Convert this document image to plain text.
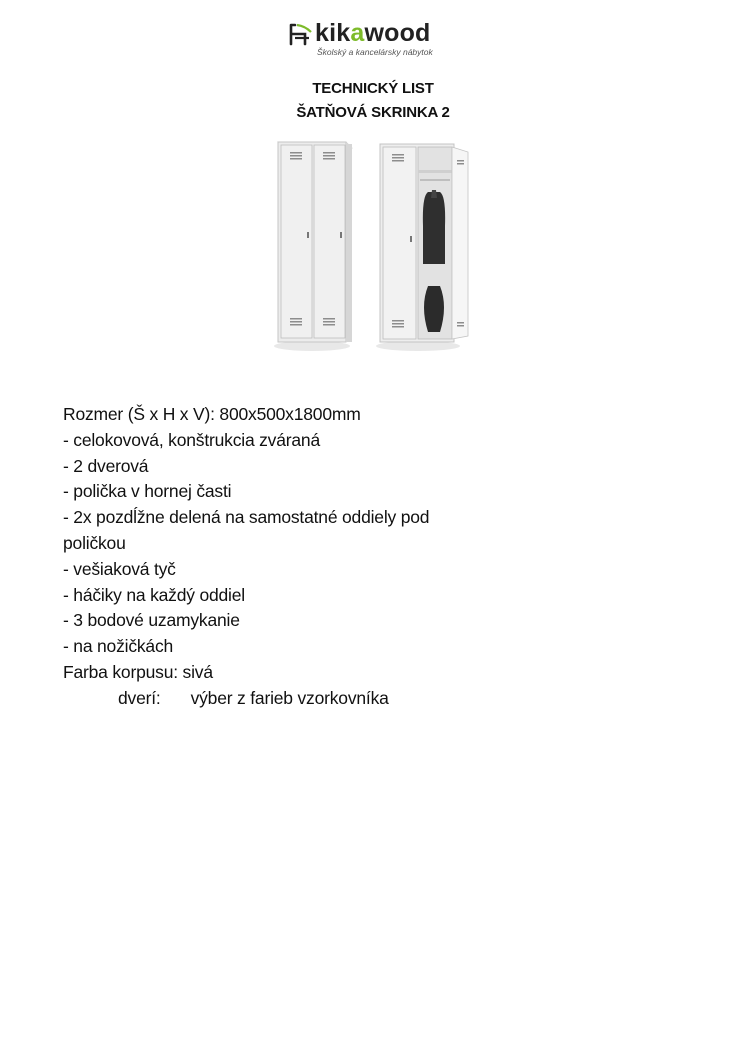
kikawood
Školský a kancelársky nábytok
TECHNICKÝ LIST
ŠATŇOVÁ SKRINKA 2
Rozmer (Š x H x V): 800x500x1800mm
- celokovová, konštrukcia zváraná
- 2 dverová
- polička v hornej časti
- 2x pozdĺžne delená na samostatné oddiely pod
poličkou
- vešiaková tyč
- háčiky na každý oddiel
- 3 bodové uzamykanie
- na nožičkách
Farba korpusu: sivá
dverí: výber z farieb vzorkovníka
